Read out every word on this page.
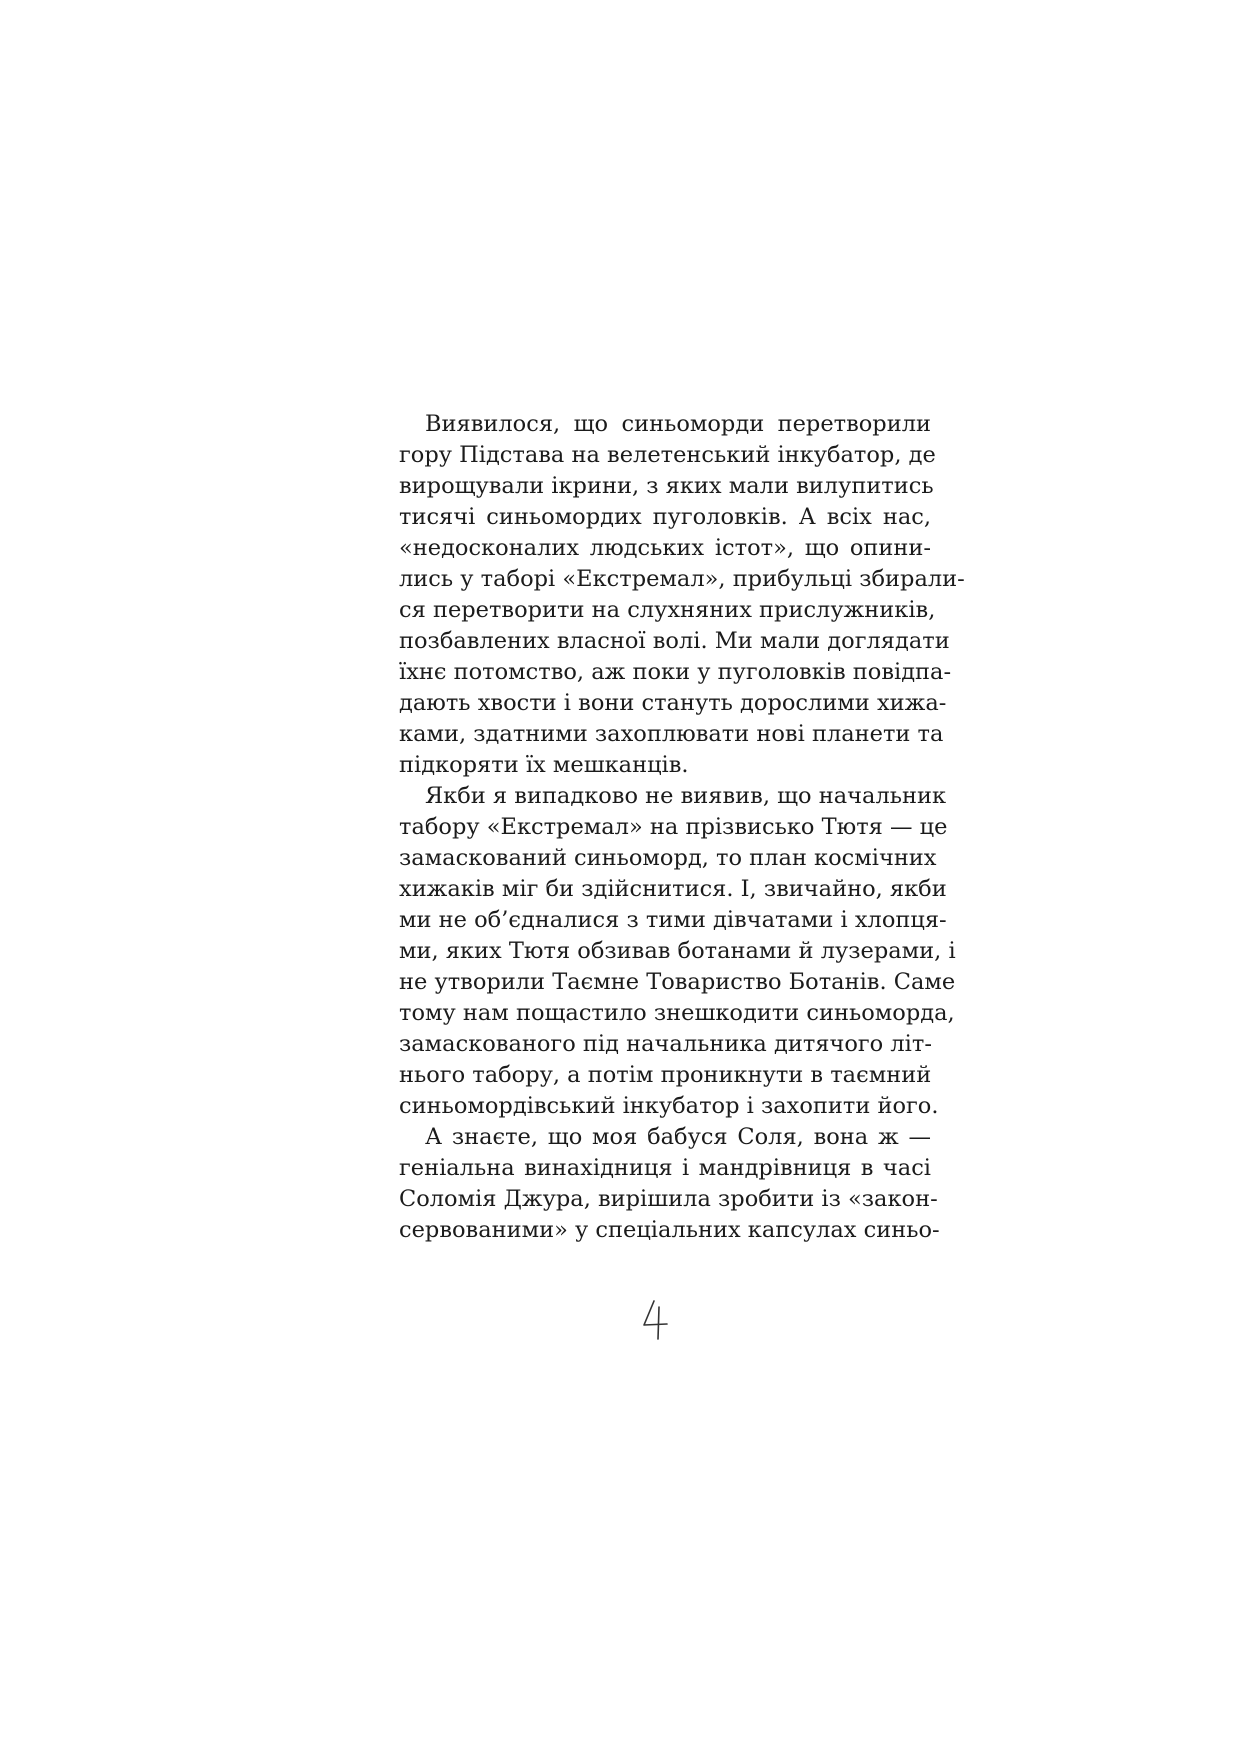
Виявилося, що синьоморди перетворили
гору Підстава на велетенський інкубатор, де
вирощували ікрини, з яких мали вилупитись
тисячі синьомордих пуголовків. А всіх нас,
«недосконалих людських істот», що опини-
лись у таборі «Екстремал», прибульці збирали-
ся перетворити на слухняних прислужників,
позбавлених власної волі. Ми мали доглядати
їхнє потомство, аж поки у пуголовків повідпа-
дають хвости і вони стануть дорослими хижа-
ками, здатними захоплювати нові планети та
підкоряти їх мешканців.
Якби я випадково не виявив, що начальник
табору «Екстремал» на прізвисько Тютя — це
замаскований синьоморд, то план космічних
хижаків міг би здійснитися. І, звичайно, якби
ми не об’єдналися з тими дівчатами і хлопця-
ми, яких Тютя обзивав ботанами й лузерами, і
не утворили Таємне Товариство Ботанів. Саме
тому нам пощастило знешкодити синьоморда,
замаскованого під начальника дитячого літ-
нього табору, а потім проникнути в таємний
синьомордівський інкубатор і захопити його.
А знаєте, що моя бабуся Соля, вона ж —
геніальна винахідниця і мандрівниця в часі
Соломія Джура, вирішила зробити із «закон-
сервованими» у спеціальних капсулах синьо-
